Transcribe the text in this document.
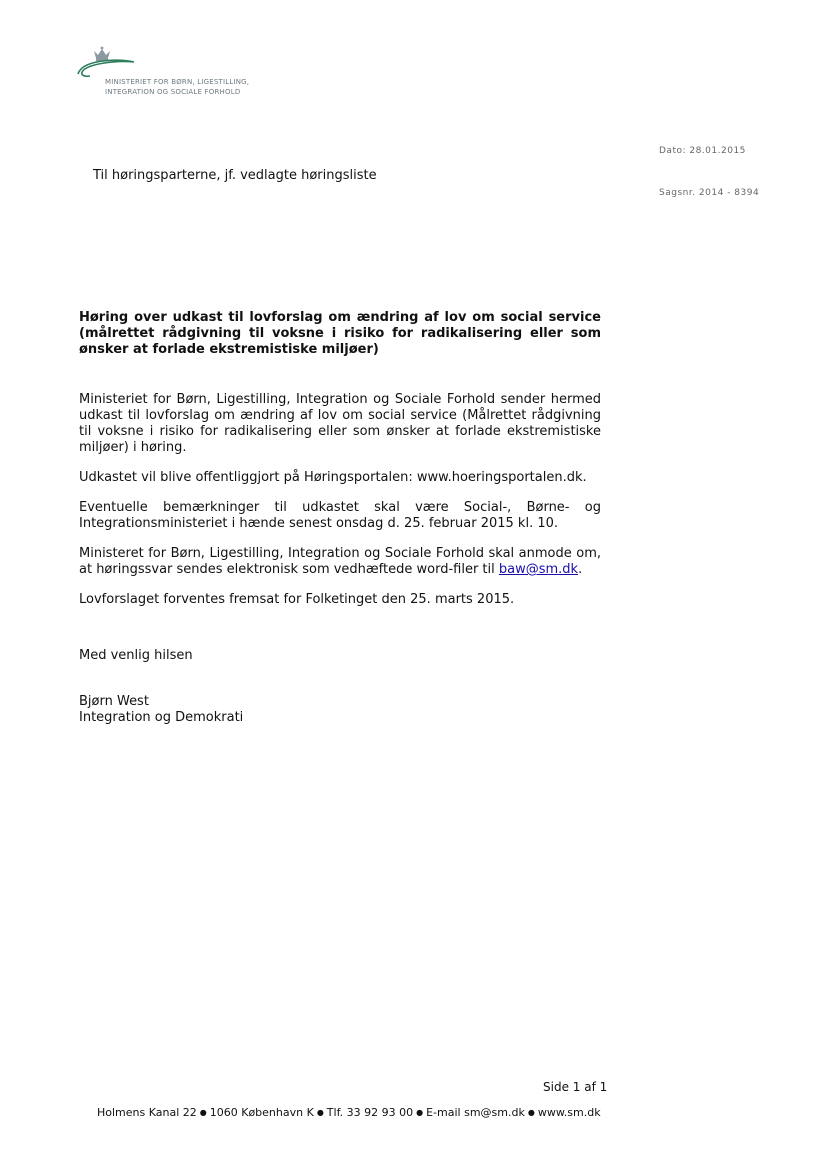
MINISTERIET FOR BØRN, LIGESTILLING,
INTEGRATION OG SOCIALE FORHOLD
Dato: 28.01.2015
Sagsnr. 2014 - 8394
Til høringsparterne, jf. vedlagte høringsliste

Høring over udkast til lovforslag om ændring af lov om social service (målrettet rådgivning til voksne i risiko for radikalisering eller som ønsker at forlade ekstremistiske miljøer)

Ministeriet for Børn, Ligestilling, Integration og Sociale Forhold sender hermed udkast til lovforslag om ændring af lov om social service (Målrettet rådgivning til voksne i risiko for radikalisering eller som ønsker at forlade ekstremistiske miljøer) i høring.

Udkastet vil blive offentliggjort på Høringsportalen: www.hoeringsportalen.dk.

Eventuelle bemærkninger til udkastet skal være Social-, Børne- og Integrationsministeriet i hænde senest onsdag d. 25. februar 2015 kl. 10.

Ministeret for Børn, Ligestilling, Integration og Sociale Forhold skal anmode om, at høringssvar sendes elektronisk som vedhæftede word-filer til baw@sm.dk.

Lovforslaget forventes fremsat for Folketinget den 25. marts 2015.

Med venlig hilsen
Bjørn West
Integration og Demokrati
Side 1 af 1
Holmens Kanal 22 ● 1060 København K ● Tlf. 33 92 93 00 ● E-mail sm@sm.dk ● www.sm.dk
